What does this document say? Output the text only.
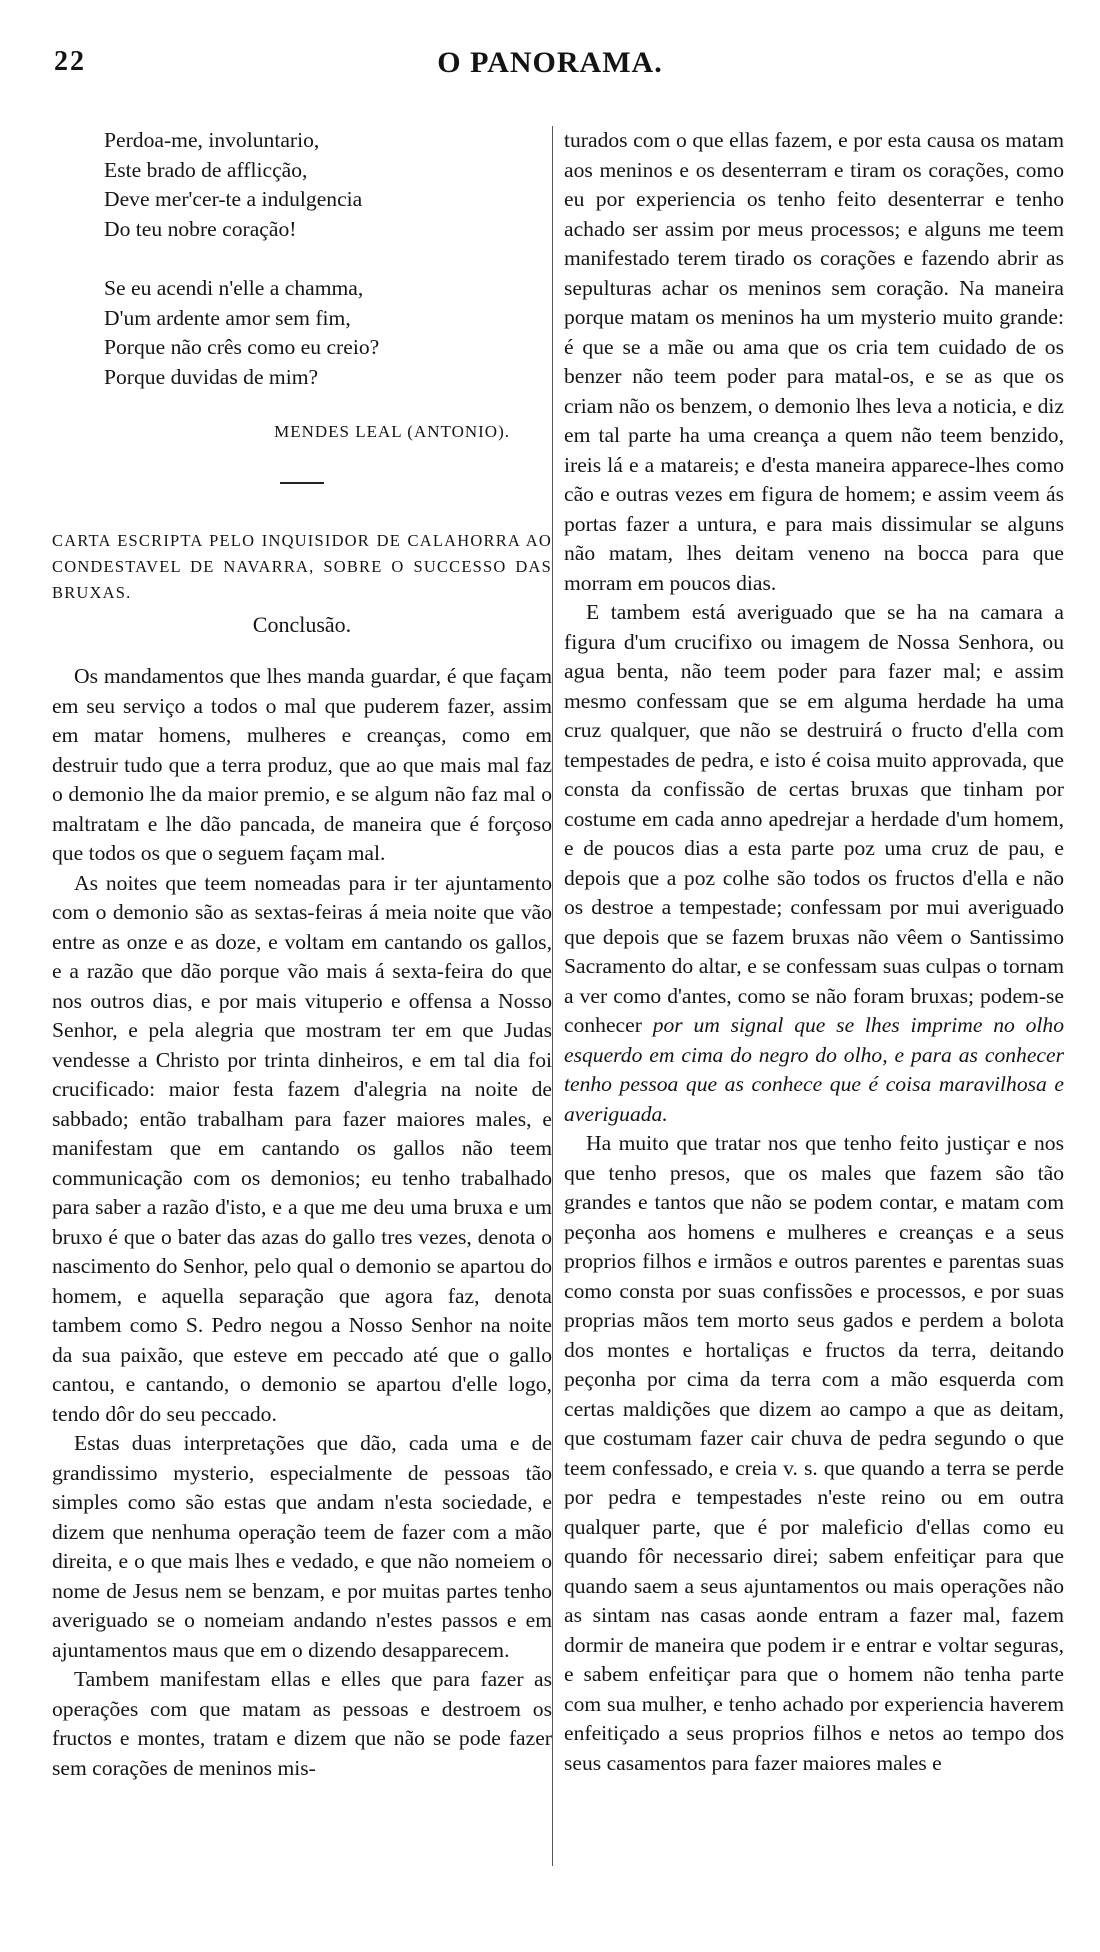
22	O PANORAMA.

Perdoa-me, involuntario,

Este brado de afflicção,

Deve mer'cer-te a indulgencia

Do teu nobre coração!

Se eu acendi n'elle a chamma,

D'um ardente amor sem fim,

Porque não crês como eu creio?

Porque duvidas de mim?

MENDES LEAL (ANTONIO).

CARTA ESCRIPTA PELO INQUISIDOR DE CALAHORRA AO CONDESTAVEL DE NAVARRA, SOBRE O SUCCESSO DAS BRUXAS.

Conclusão.

Os mandamentos que lhes manda guardar, é que façam em seu serviço a todos o mal que puderem fazer, assim em matar homens, mulheres e creanças, como em destruir tudo que a terra produz, que ao que mais mal faz o demonio lhe da maior premio, e se algum não faz mal o maltratam e lhe dão pancada, de maneira que é forçoso que todos os que o seguem façam mal.

As noites que teem nomeadas para ir ter ajuntamento com o demonio são as sextas-feiras á meia noite que vão entre as onze e as doze, e voltam em cantando os gallos, e a razão que dão porque vão mais á sexta-feira do que nos outros dias, e por mais vituperio e offensa a Nosso Senhor, e pela alegria que mostram ter em que Judas vendesse a Christo por trinta dinheiros, e em tal dia foi crucificado: maior festa fazem d'alegria na noite de sabbado; então trabalham para fazer maiores males, e manifestam que em cantando os gallos não teem communicação com os demonios; eu tenho trabalhado para saber a razão d'isto, e a que me deu uma bruxa e um bruxo é que o bater das azas do gallo tres vezes, denota o nascimento do Senhor, pelo qual o demonio se apartou do homem, e aquella separação que agora faz, denota tambem como S. Pedro negou a Nosso Senhor na noite da sua paixão, que esteve em peccado até que o gallo cantou, e cantando, o demonio se apartou d'elle logo, tendo dôr do seu peccado.

Estas duas interpretações que dão, cada uma e de grandissimo mysterio, especialmente de pessoas tão simples como são estas que andam n'esta sociedade, e dizem que nenhuma operação teem de fazer com a mão direita, e o que mais lhes e vedado, e que não nomeiem o nome de Jesus nem se benzam, e por muitas partes tenho averiguado se o nomeiam andando n'estes passos e em ajuntamentos maus que em o dizendo desapparecem.

Tambem manifestam ellas e elles que para fazer as operações com que matam as pessoas e destroem os fructos e montes, tratam e dizem que não se pode fazer sem corações de meninos mis-

turados com o que ellas fazem, e por esta causa os matam aos meninos e os desenterram e tiram os corações, como eu por experiencia os tenho feito desenterrar e tenho achado ser assim por meus processos; e alguns me teem manifestado terem tirado os corações e fazendo abrir as sepulturas achar os meninos sem coração. Na maneira porque matam os meninos ha um mysterio muito grande: é que se a mãe ou ama que os cria tem cuidado de os benzer não teem poder para matal-os, e se as que os criam não os benzem, o demonio lhes leva a noticia, e diz em tal parte ha uma creança a quem não teem benzido, ireis lá e a matareis; e d'esta maneira apparece-lhes como cão e outras vezes em figura de homem; e assim veem ás portas fazer a untura, e para mais dissimular se alguns não matam, lhes deitam veneno na bocca para que morram em poucos dias.

E tambem está averiguado que se ha na camara a figura d'um crucifixo ou imagem de Nossa Senhora, ou agua benta, não teem poder para fazer mal; e assim mesmo confessam que se em alguma herdade ha uma cruz qualquer, que não se destruirá o fructo d'ella com tempestades de pedra, e isto é coisa muito approvada, que consta da confissão de certas bruxas que tinham por costume em cada anno apedrejar a herdade d'um homem, e de poucos dias a esta parte poz uma cruz de pau, e depois que a poz colhe são todos os fructos d'ella e não os destroe a tempestade; confessam por mui averiguado que depois que se fazem bruxas não vêem o Santissimo Sacramento do altar, e se confessam suas culpas o tornam a ver como d'antes, como se não foram bruxas; podem-se conhecer por um signal que se lhes imprime no olho esquerdo em cima do negro do olho, e para as conhecer tenho pessoa que as conhece que é coisa maravilhosa e averiguada.

Ha muito que tratar nos que tenho feito justiçar e nos que tenho presos, que os males que fazem são tão grandes e tantos que não se podem contar, e matam com peçonha aos homens e mulheres e creanças e a seus proprios filhos e irmãos e outros parentes e parentas suas como consta por suas confissões e processos, e por suas proprias mãos tem morto seus gados e perdem a bolota dos montes e hortaliças e fructos da terra, deitando peçonha por cima da terra com a mão esquerda com certas maldições que dizem ao campo a que as deitam, que costumam fazer cair chuva de pedra segundo o que teem confessado, e creia v. s. que quando a terra se perde por pedra e tempestades n'este reino ou em outra qualquer parte, que é por maleficio d'ellas como eu quando fôr necessario direi; sabem enfeitiçar para que quando saem a seus ajuntamentos ou mais operações não as sintam nas casas aonde entram a fazer mal, fazem dormir de maneira que podem ir e entrar e voltar seguras, e sabem enfeitiçar para que o homem não tenha parte com sua mulher, e tenho achado por experiencia haverem enfeitiçado a seus proprios filhos e netos ao tempo dos seus casamentos para fazer maiores males e
